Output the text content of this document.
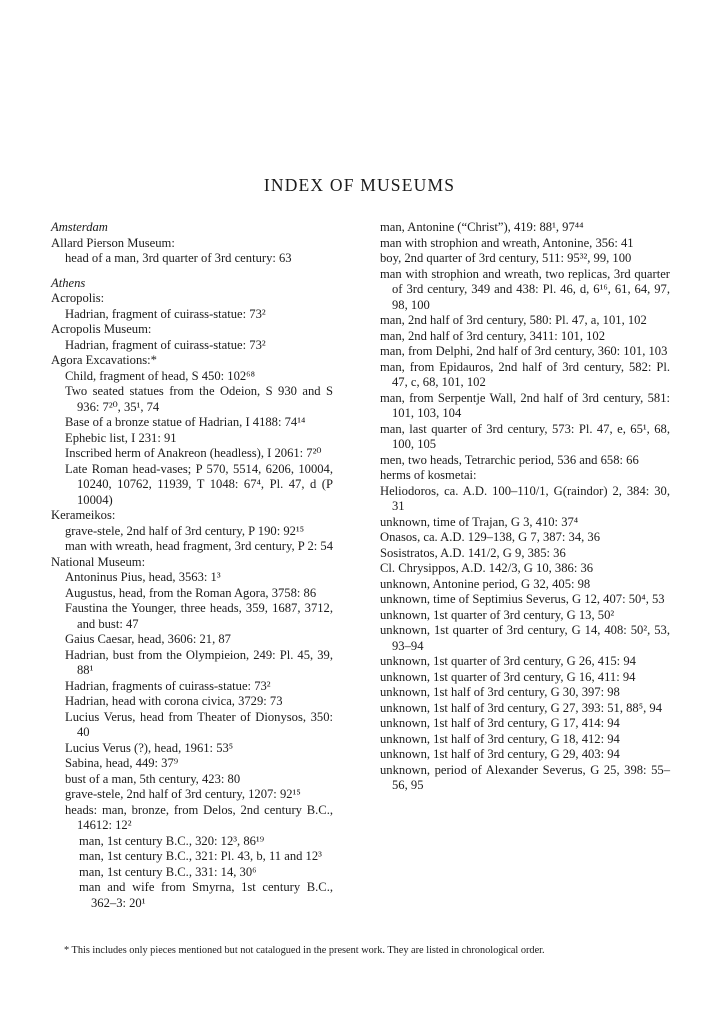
INDEX OF MUSEUMS

Amsterdam

Allard Pierson Museum:

head of a man, 3rd quarter of 3rd century: 63

Athens

Acropolis:

Hadrian, fragment of cuirass-statue: 73²

Acropolis Museum:

Hadrian, fragment of cuirass-statue: 73²

Agora Excavations:*

Child, fragment of head, S 450: 102⁶⁸

Two seated statues from the Odeion, S 930 and S 936: 7²⁰, 35¹, 74

Base of a bronze statue of Hadrian, I 4188: 74¹⁴

Ephebic list, I 231: 91

Inscribed herm of Anakreon (headless), I 2061: 7²⁰

Late Roman head-vases; P 570, 5514, 6206, 10004, 10240, 10762, 11939, T 1048: 67⁴, Pl. 47, d (P 10004)

Kerameikos:

grave-stele, 2nd half of 3rd century, P 190: 92¹⁵

man with wreath, head fragment, 3rd century, P 2: 54

National Museum:

Antoninus Pius, head, 3563: 1³

Augustus, head, from the Roman Agora, 3758: 86

Faustina the Younger, three heads, 359, 1687, 3712, and bust: 47

Gaius Caesar, head, 3606: 21, 87

Hadrian, bust from the Olympieion, 249: Pl. 45, 39, 88¹

Hadrian, fragments of cuirass-statue: 73²

Hadrian, head with corona civica, 3729: 73

Lucius Verus, head from Theater of Dionysos, 350: 40

Lucius Verus (?), head, 1961: 53⁵

Sabina, head, 449: 37⁹

bust of a man, 5th century, 423: 80

grave-stele, 2nd half of 3rd century, 1207: 92¹⁵

heads: man, bronze, from Delos, 2nd century B.C., 14612: 12²

man, 1st century B.C., 320: 12³, 86¹⁹

man, 1st century B.C., 321: Pl. 43, b, 11 and 12³

man, 1st century B.C., 331: 14, 30⁶

man and wife from Smyrna, 1st century B.C., 362–3: 20¹

man, Antonine (“Christ”), 419: 88¹, 97⁴⁴

man with strophion and wreath, Antonine, 356: 41

boy, 2nd quarter of 3rd century, 511: 95³², 99, 100

man with strophion and wreath, two replicas, 3rd quarter of 3rd century, 349 and 438: Pl. 46, d, 6¹⁶, 61, 64, 97, 98, 100

man, 2nd half of 3rd century, 580: Pl. 47, a, 101, 102

man, 2nd half of 3rd century, 3411: 101, 102

man, from Delphi, 2nd half of 3rd century, 360: 101, 103

man, from Epidauros, 2nd half of 3rd century, 582: Pl. 47, c, 68, 101, 102

man, from Serpentje Wall, 2nd half of 3rd century, 581: 101, 103, 104

man, last quarter of 3rd century, 573: Pl. 47, e, 65¹, 68, 100, 105

men, two heads, Tetrarchic period, 536 and 658: 66

herms of kosmetai:

Heliodoros, ca. A.D. 100–110/1, G(raindor) 2, 384: 30, 31

unknown, time of Trajan, G 3, 410: 37⁴

Onasos, ca. A.D. 129–138, G 7, 387: 34, 36

Sosistratos, A.D. 141/2, G 9, 385: 36

Cl. Chrysippos, A.D. 142/3, G 10, 386: 36

unknown, Antonine period, G 32, 405: 98

unknown, time of Septimius Severus, G 12, 407: 50⁴, 53

unknown, 1st quarter of 3rd century, G 13, 50²

unknown, 1st quarter of 3rd century, G 14, 408: 50², 53, 93–94

unknown, 1st quarter of 3rd century, G 26, 415: 94

unknown, 1st quarter of 3rd century, G 16, 411: 94

unknown, 1st half of 3rd century, G 30, 397: 98

unknown, 1st half of 3rd century, G 27, 393: 51, 88⁵, 94

unknown, 1st half of 3rd century, G 17, 414: 94

unknown, 1st half of 3rd century, G 18, 412: 94

unknown, 1st half of 3rd century, G 29, 403: 94

unknown, period of Alexander Severus, G 25, 398: 55–56, 95

* This includes only pieces mentioned but not catalogued in the present work. They are listed in chronological order.
